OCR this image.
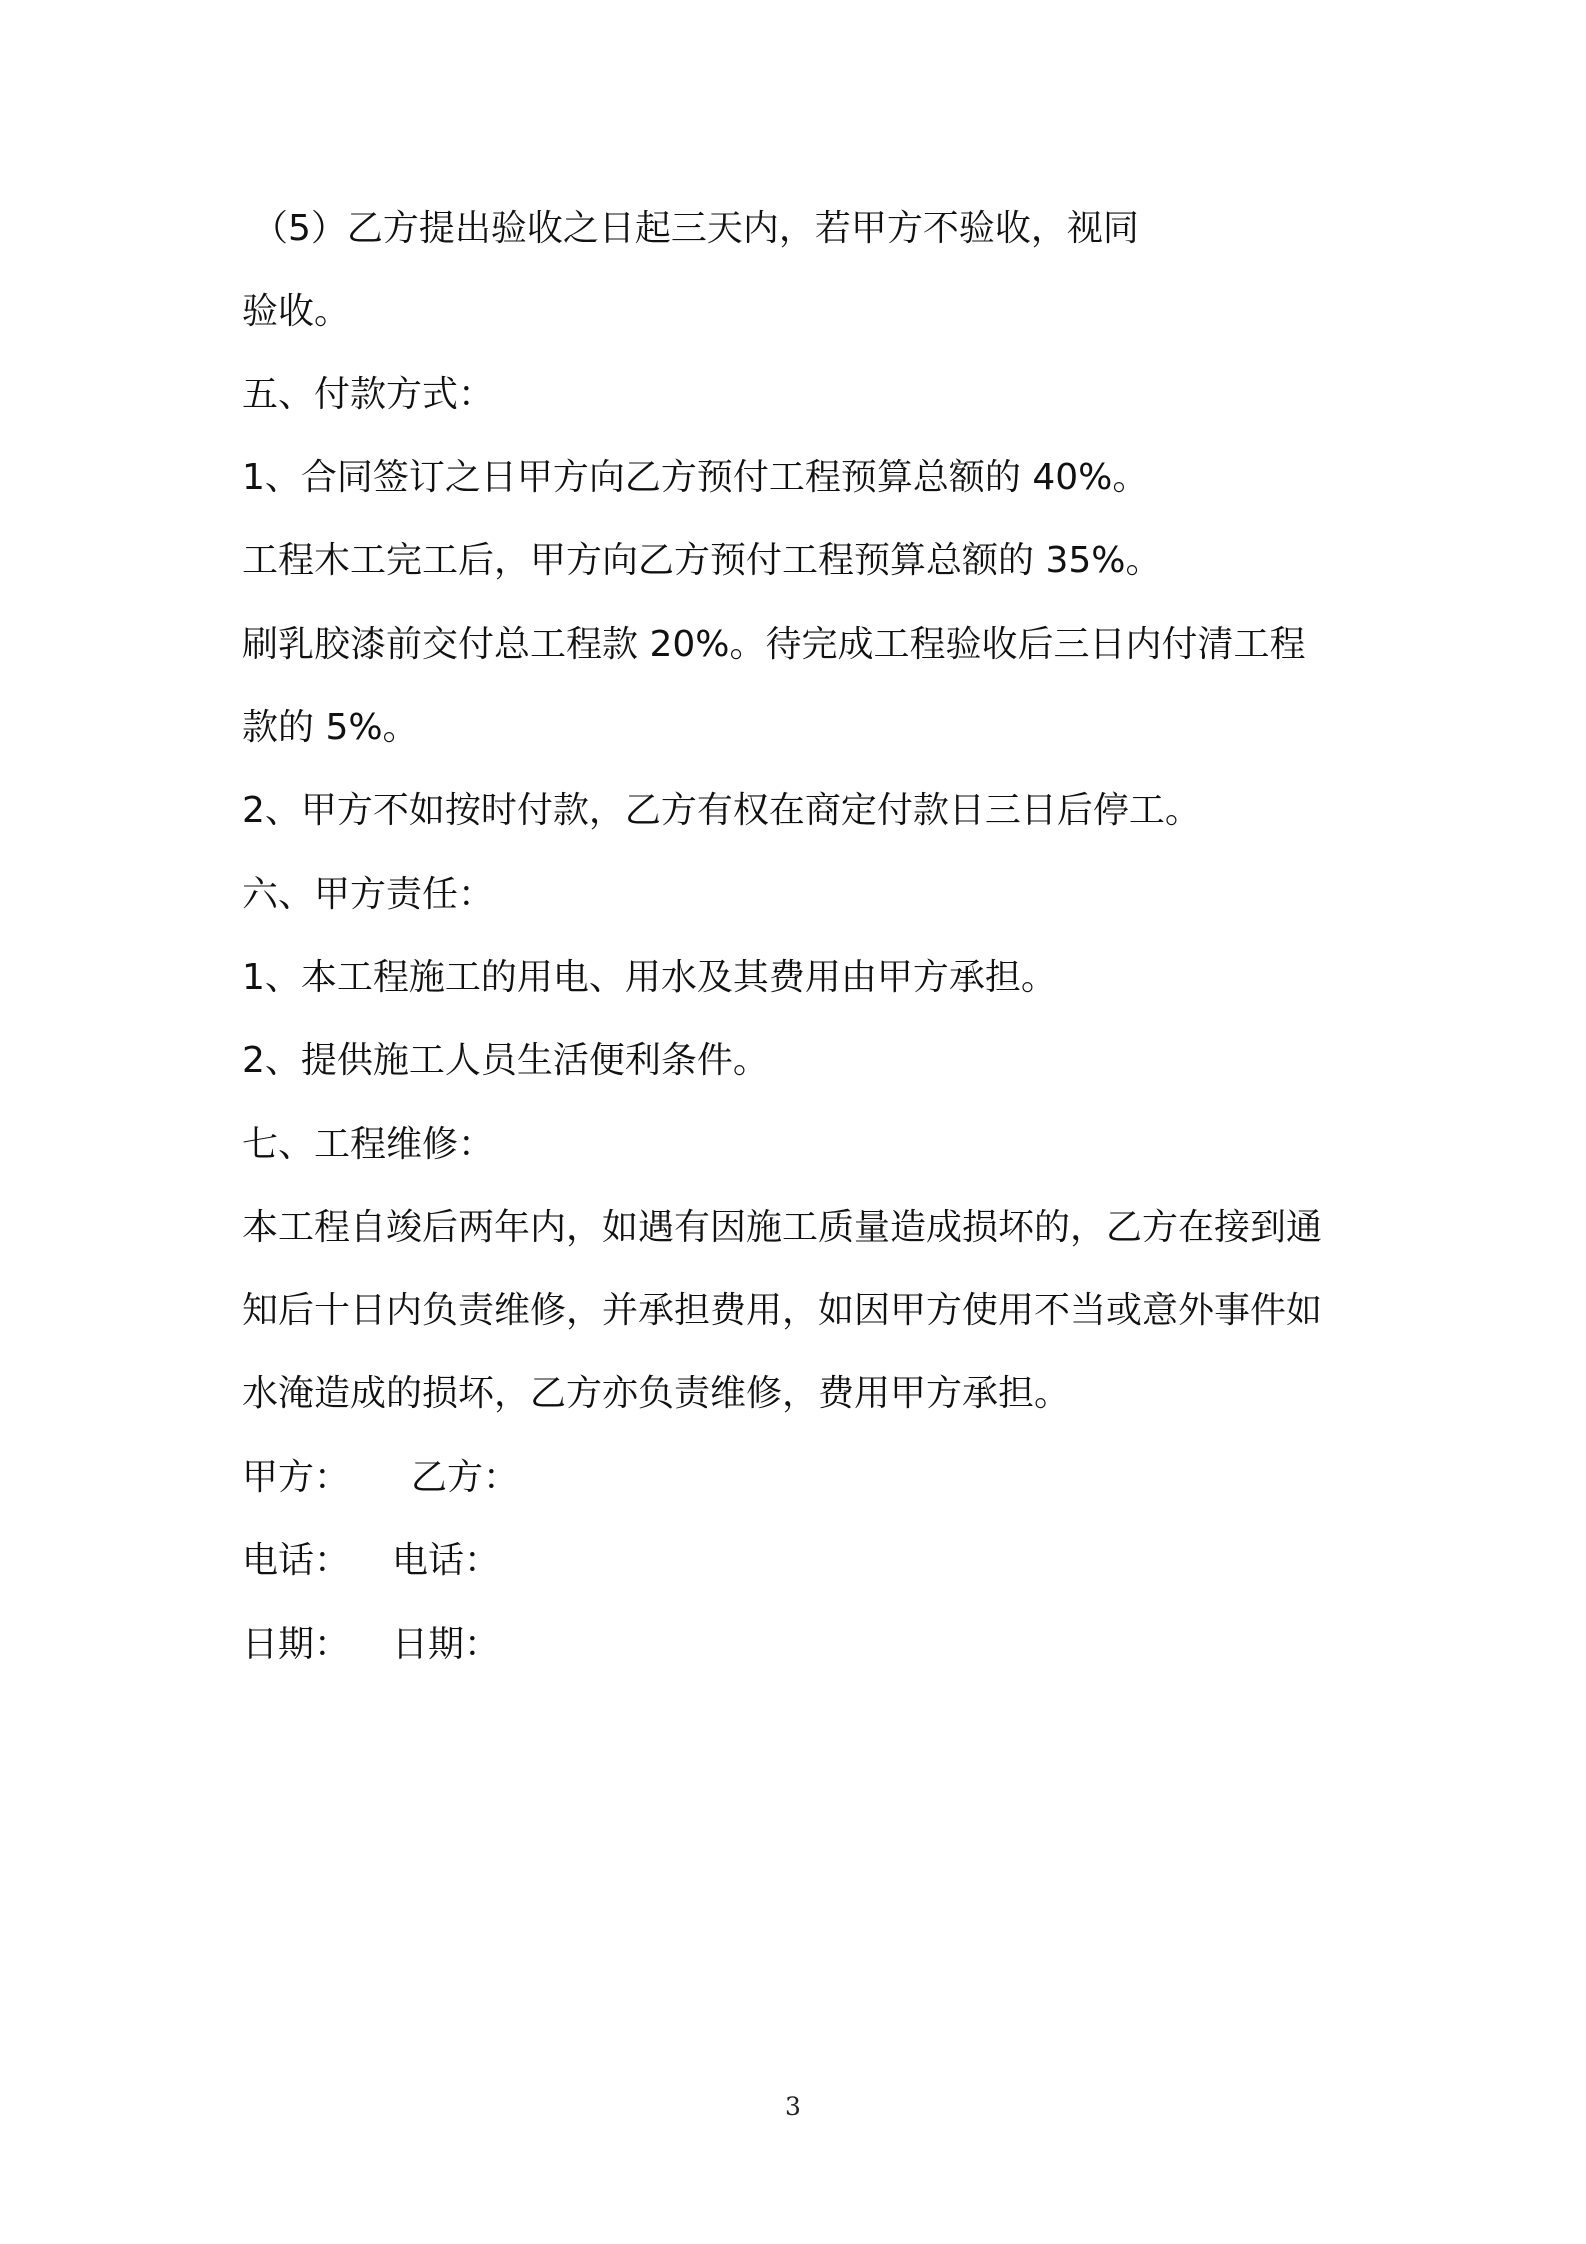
（5）乙方提出验收之日起三天内，若甲方不验收，视同

验收。

五、付款方式：

1、合同签订之日甲方向乙方预付工程预算总额的 40%。

工程木工完工后，甲方向乙方预付工程预算总额的 35%。

刷乳胶漆前交付总工程款 20%。待完成工程验收后三日内付清工程

款的 5%。

2、甲方不如按时付款，乙方有权在商定付款日三日后停工。

六、甲方责任：

1、本工程施工的用电、用水及其费用由甲方承担。

2、提供施工人员生活便利条件。

七、工程维修：

本工程自竣后两年内，如遇有因施工质量造成损坏的，乙方在接到通

知后十日内负责维修，并承担费用，如因甲方使用不当或意外事件如

水淹造成的损坏，乙方亦负责维修，费用甲方承担。

甲方： 乙方：

电话： 电话：

日期： 日期：

3
